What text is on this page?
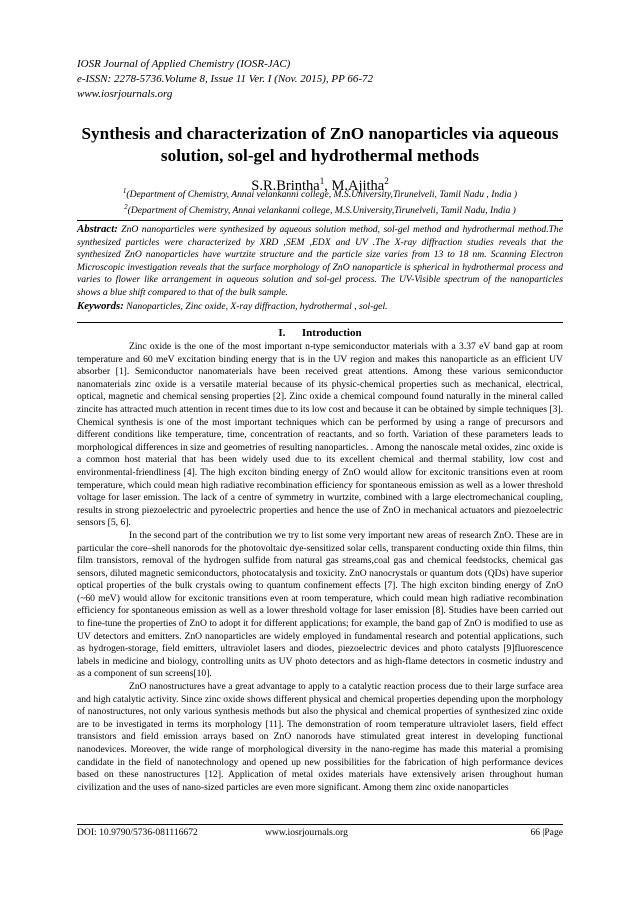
IOSR Journal of Applied Chemistry (IOSR-JAC)
e-ISSN: 2278-5736.Volume 8, Issue 11 Ver. I (Nov. 2015), PP 66-72
www.iosrjournals.org
Synthesis and characterization of ZnO nanoparticles via aqueous solution, sol-gel and hydrothermal methods
S.R.Brintha$^1$, M.Ajitha$^2$
$^1$(Department of Chemistry, Annai velankanni college, M.S.University,Tirunelveli, Tamil Nadu , India )
$^2$(Department of Chemistry, Annai velankanni college, M.S.University,Tirunelveli, Tamil Nadu, India )
Abstract: ZnO nanoparticles were synthesized by aqueous solution method, sol-gel method and hydrothermal method.The synthesized particles were characterized by XRD ,SEM ,EDX and UV .The X-ray diffraction studies reveals that the synthesized ZnO nanoparticles have wurtzite structure and the particle size varies from 13 to 18 nm. Scanning Electron Microscopic investigation reveals that the surface morphology of ZnO nanoparticle is spherical in hydrothermal process and varies to flower like arrangement in aqueous solution and sol-gel process. The UV-Visible spectrum of the nanoparticles shows a blue shift compared to that of the bulk sample.
Keywords: Nanoparticles, Zinc oxide, X-ray diffraction, hydrothermal , sol-gel.
I.      Introduction

Zinc oxide is the one of the most important n-type semiconductor materials with a 3.37 eV band gap at room temperature and 60 meV excitation binding energy that is in the UV region and makes this nanoparticle as an efficient UV absorber [1]. Semiconductor nanomaterials have been received great attentions. Among these various semiconductor nanomaterials zinc oxide is a versatile material because of its physic-chemical properties such as mechanical, electrical, optical, magnetic and chemical sensing properties [2]. Zinc oxide a chemical compound found naturally in the mineral called zincite has attracted much attention in recent times due to its low cost and because it can be obtained by simple techniques [3]. Chemical synthesis is one of the most important techniques which can be performed by using a range of precursors and different conditions like temperature, time, concentration of reactants, and so forth. Variation of these parameters leads to morphological differences in size and geometries of resulting nanoparticles. . Among the nanoscale metal oxides, zinc oxide is a common host material that has been widely used due to its excellent chemical and thermal stability, low cost and environmental-friendliness [4]. The high exciton binding energy of ZnO would allow for excitonic transitions even at room temperature, which could mean high radiative recombination efficiency for spontaneous emission as well as a lower threshold voltage for laser emission. The lack of a centre of symmetry in wurtzite, combined with a large electromechanical coupling, results in strong piezoelectric and pyroelectric properties and hence the use of ZnO in mechanical actuators and piezoelectric sensors [5, 6].

In the second part of the contribution we try to list some very important new areas of research ZnO. These are in particular the core–shell nanorods for the photovoltaic dye-sensitized solar cells, transparent conducting oxide thin films, thin film transistors, removal of the hydrogen sulfide from natural gas streams,coal gas and chemical feedstocks, chemical gas sensors, diluted magnetic semiconductors, photocatalysis and toxicity. ZnO nanocrystals or quantum dots (QDs) have superior optical properties of the bulk crystals owing to quantum confinement effects [7]. The high exciton binding energy of ZnO (~60 meV) would allow for excitonic transitions even at room temperature, which could mean high radiative recombination efficiency for spontaneous emission as well as a lower threshold voltage for laser emission [8]. Studies have been carried out to fine-tune the properties of ZnO to adopt it for different applications; for example, the band gap of ZnO is modified to use as UV detectors and emitters. ZnO nanoparticles are widely employed in fundamental research and potential applications, such as hydrogen-storage, field emitters, ultraviolet lasers and diodes, piezoelectric devices and photo catalysts [9]fluorescence labels in medicine and biology, controlling units as UV photo detectors and as high-flame detectors in cosmetic industry and as a component of sun screens[10].

ZnO nanostructures have a great advantage to apply to a catalytic reaction process due to their large surface area and high catalytic activity. Since zinc oxide shows different physical and chemical properties depending upon the morphology of nanostructures, not only various synthesis methods but also the physical and chemical properties of synthesized zinc oxide are to be investigated in terms its morphology [11]. The demonstration of room temperature ultraviolet lasers, field effect transistors and field emission arrays based on ZnO nanorods have stimulated great interest in developing functional nanodevices. Moreover, the wide range of morphological diversity in the nano-regime has made this material a promising candidate in the field of nanotechnology and opened up new possibilities for the fabrication of high performance devices based on these nanostructures [12]. Application of metal oxides materials have extensively arisen throughout human civilization and the uses of nano-sized particles are even more significant. Among them zinc oxide nanoparticles

DOI: 10.9790/5736-081116672	www.iosrjournals.org	66 |Page
